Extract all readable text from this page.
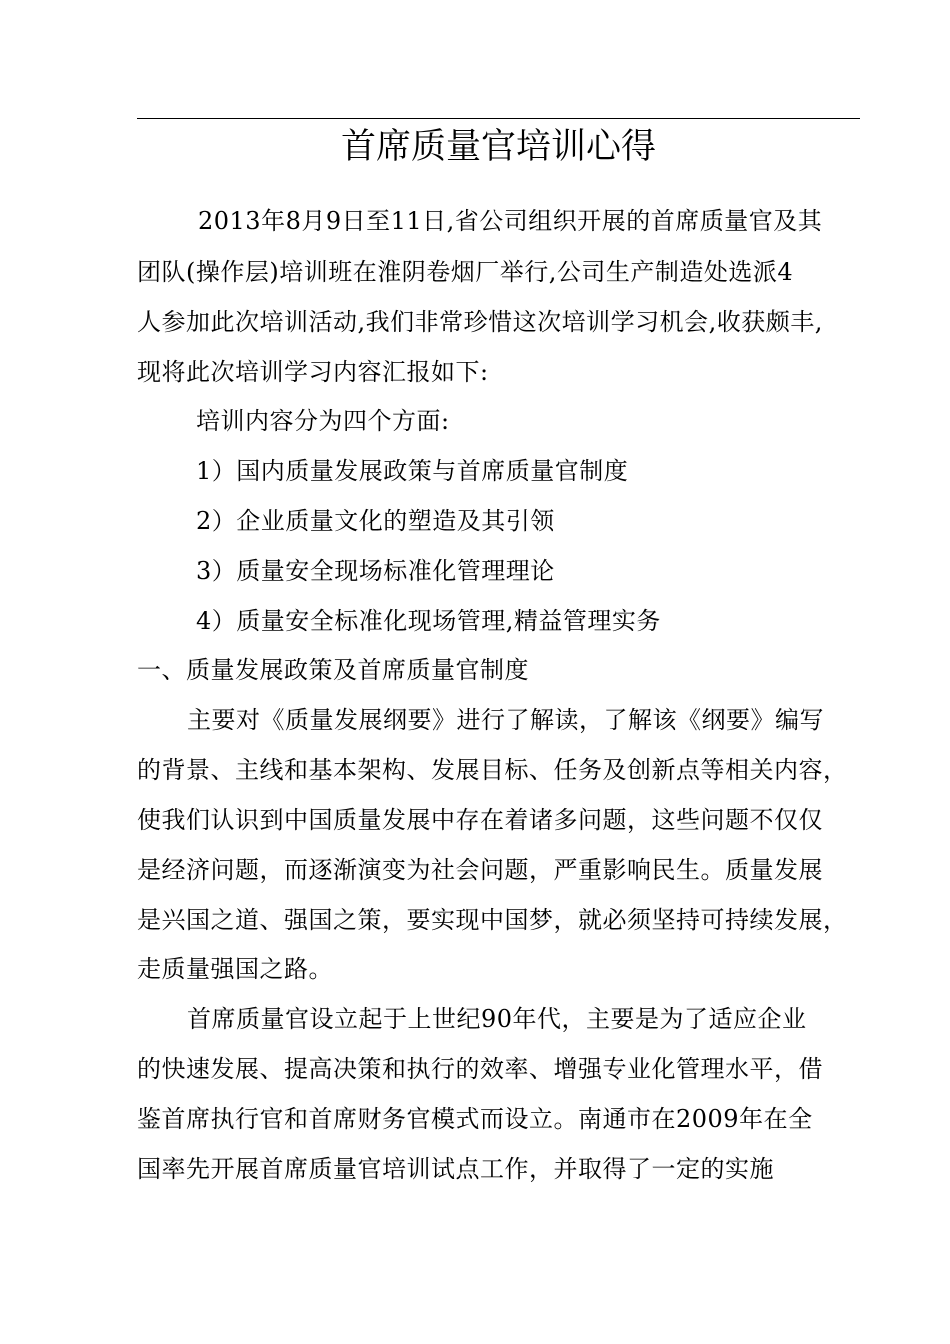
首席质量官培训心得
2013年8月9日至11日,省公司组织开展的首席质量官及其
团队(操作层)培训班在淮阴卷烟厂举行,公司生产制造处选派4
人参加此次培训活动,我们非常珍惜这次培训学习机会,收获颇丰,
现将此次培训学习内容汇报如下:
培训内容分为四个方面:
1）国内质量发展政策与首席质量官制度
2）企业质量文化的塑造及其引领
3）质量安全现场标准化管理理论
4）质量安全标准化现场管理,精益管理实务
一、质量发展政策及首席质量官制度
主要对《质量发展纲要》进行了解读，了解该《纲要》编写
的背景、主线和基本架构、发展目标、任务及创新点等相关内容，
使我们认识到中国质量发展中存在着诸多问题，这些问题不仅仅
是经济问题，而逐渐演变为社会问题，严重影响民生。质量发展
是兴国之道、强国之策，要实现中国梦，就必须坚持可持续发展，
走质量强国之路。
首席质量官设立起于上世纪90年代，主要是为了适应企业
的快速发展、提高决策和执行的效率、增强专业化管理水平，借
鉴首席执行官和首席财务官模式而设立。南通市在2009年在全
国率先开展首席质量官培训试点工作，并取得了一定的实施
